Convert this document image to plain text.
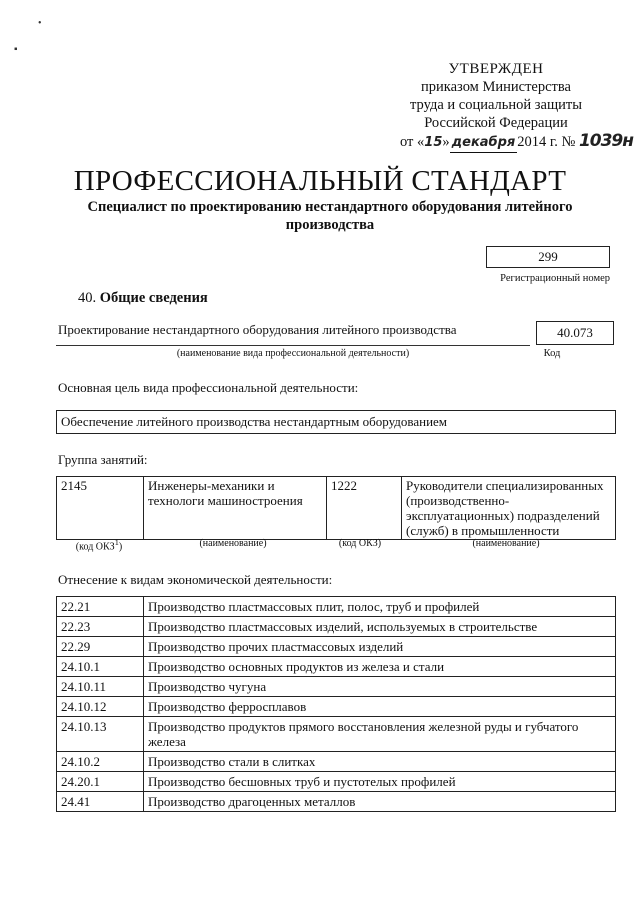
•
▪
УТВЕРЖДЕН
приказом Министерства
труда и социальной защиты
Российской Федерации
от «15» декабря 2014 г. № 1039н
ПРОФЕССИОНАЛЬНЫЙ СТАНДАРТ
Специалист по проектированию нестандартного оборудования литейного производства
299
Регистрационный номер
40. Общие сведения
Проектирование нестандартного оборудования литейного производства
(наименование вида профессиональной деятельности)
40.073
Код
Основная цель вида профессиональной деятельности:
Обеспечение литейного производства нестандартным оборудованием
Группа занятий:
2145	Инженеры-механики и технологи машиностроения	1222	Руководители специализированных (производственно-эксплуатационных) подразделений (служб) в промышленности
(код ОКЗ$^1$)	(наименование)	(код ОКЗ)	(наименование)
Отнесение к видам экономической деятельности:
22.21	Производство пластмассовых плит, полос, труб и профилей
22.23	Производство пластмассовых изделий, используемых в строительстве
22.29	Производство прочих пластмассовых изделий
24.10.1	Производство основных продуктов из железа и стали
24.10.11	Производство чугуна
24.10.12	Производство ферросплавов
24.10.13	Производство продуктов прямого восстановления железной руды и губчатого железа
24.10.2	Производство стали в слитках
24.20.1	Производство бесшовных труб и пустотелых профилей
24.41	Производство драгоценных металлов
